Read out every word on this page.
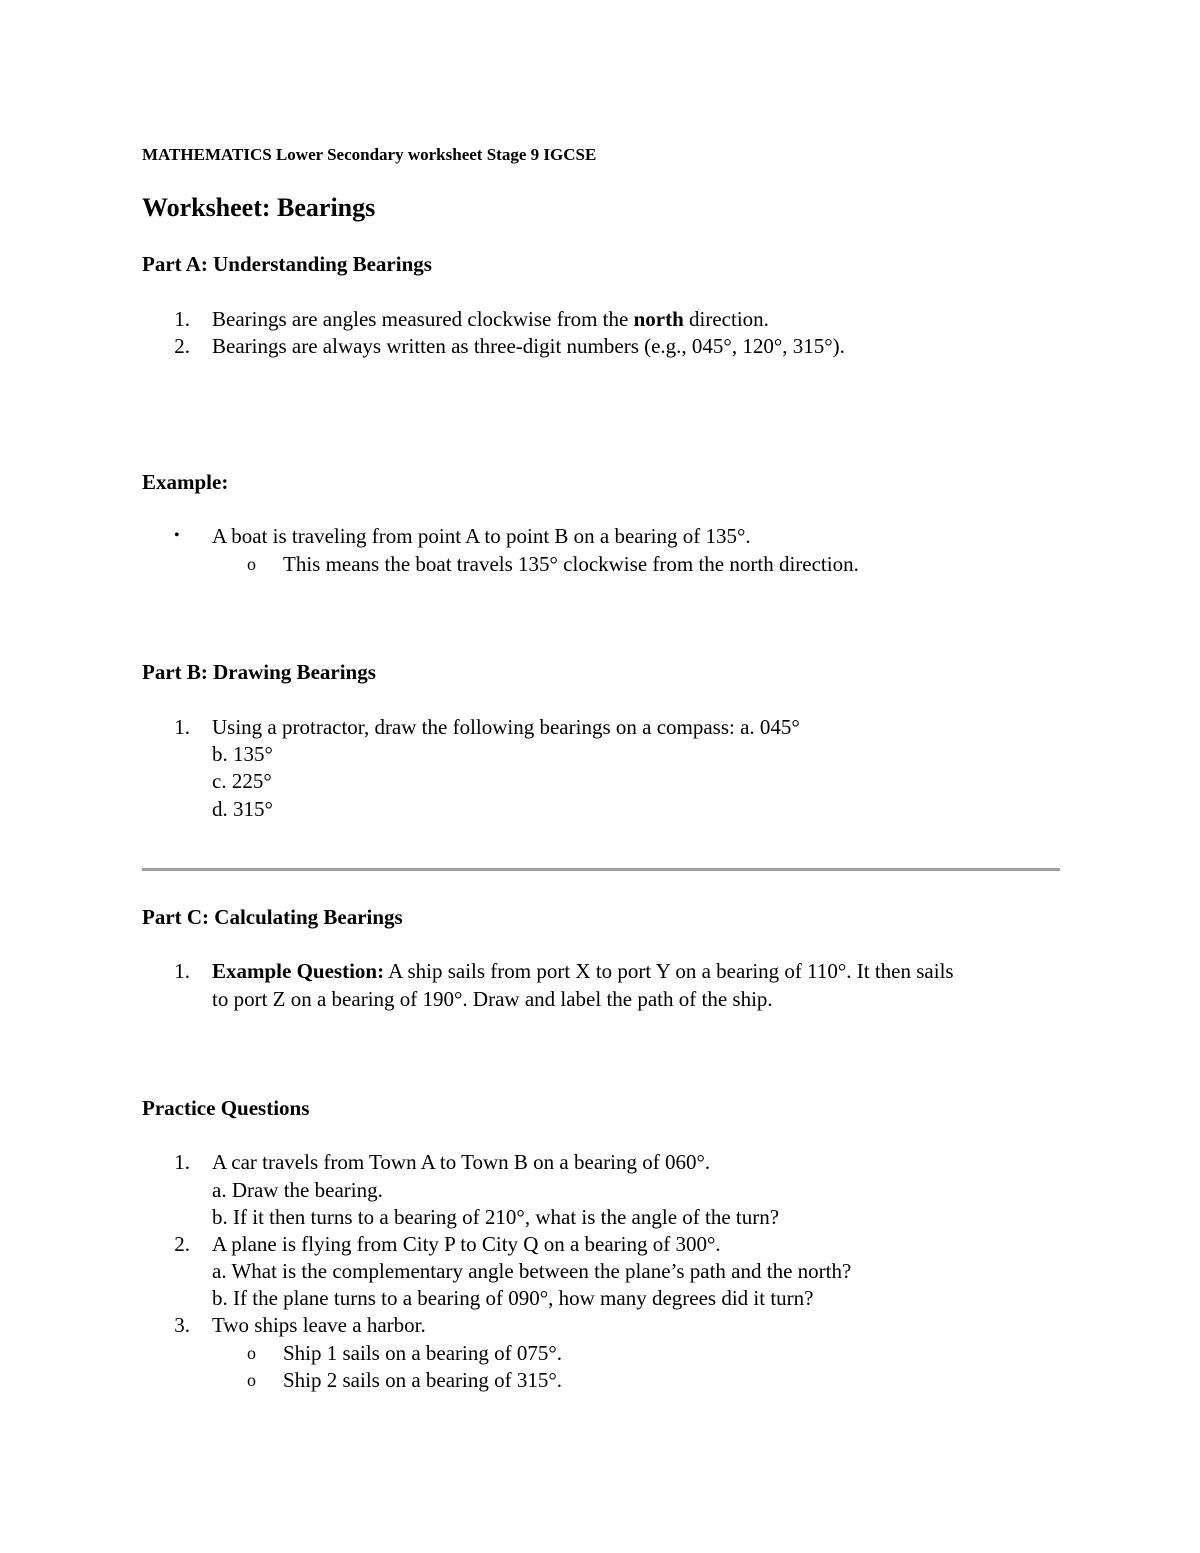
MATHEMATICS Lower Secondary worksheet Stage 9 IGCSE
Worksheet: Bearings
Part A: Understanding Bearings
1. Bearings are angles measured clockwise from the north direction.
2. Bearings are always written as three-digit numbers (e.g., 045°, 120°, 315°).
Example:
• A boat is traveling from point A to point B on a bearing of 135°.
o This means the boat travels 135° clockwise from the north direction.
Part B: Drawing Bearings
1. Using a protractor, draw the following bearings on a compass: a. 045°
b. 135°
c. 225°
d. 315°
Part C: Calculating Bearings
1. Example Question: A ship sails from port X to port Y on a bearing of 110°. It then sails
to port Z on a bearing of 190°. Draw and label the path of the ship.
Practice Questions
1. A car travels from Town A to Town B on a bearing of 060°.
a. Draw the bearing.
b. If it then turns to a bearing of 210°, what is the angle of the turn?
2. A plane is flying from City P to City Q on a bearing of 300°.
a. What is the complementary angle between the plane’s path and the north?
b. If the plane turns to a bearing of 090°, how many degrees did it turn?
3. Two ships leave a harbor.
o Ship 1 sails on a bearing of 075°.
o Ship 2 sails on a bearing of 315°.
